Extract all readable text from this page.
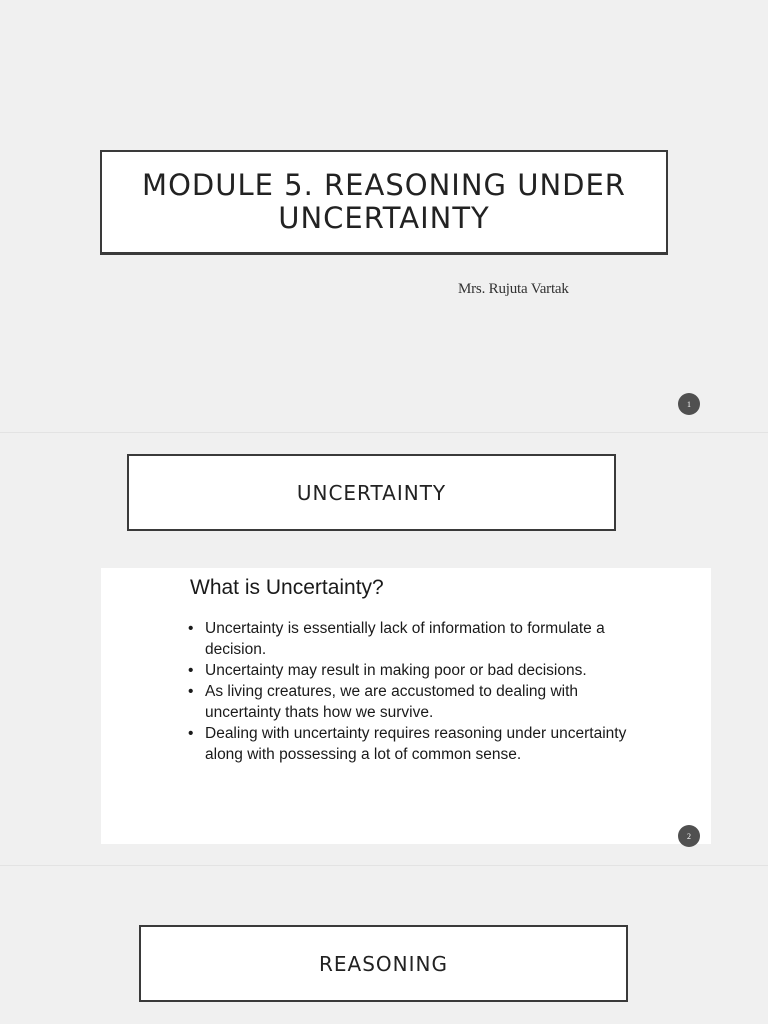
MODULE 5. REASONING UNDER
UNCERTAINTY
Mrs. Rujuta Vartak
1
UNCERTAINTY
What is Uncertainty?
• Uncertainty is essentially lack of information to formulate a decision.
• Uncertainty may result in making poor or bad decisions.
• As living creatures, we are accustomed to dealing with uncertainty thats how we survive.
• Dealing with uncertainty requires reasoning under uncertainty along with possessing a lot of common sense.
2
REASONING
